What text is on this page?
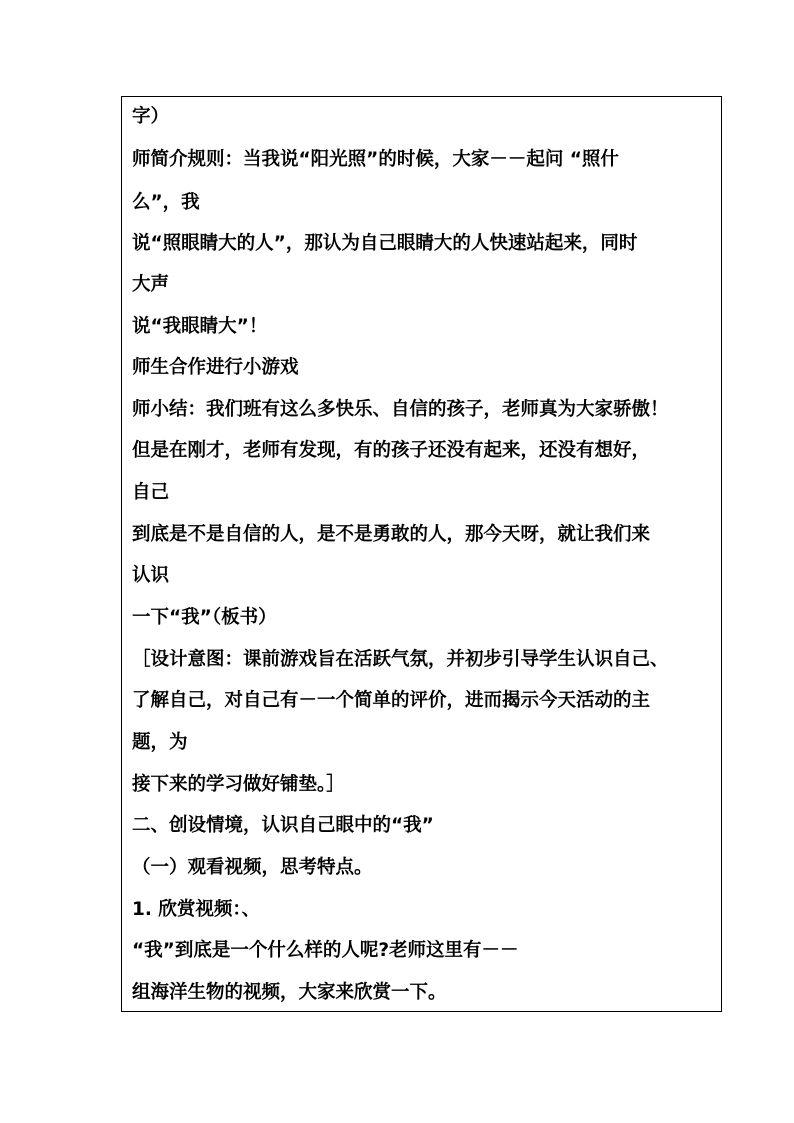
字）
师简介规则：当我说“阳光照”的时候，大家－－起问 “照什
么”，我
说“照眼睛大的人”，那认为自己眼睛大的人快速站起来，同时
大声
说“我眼睛大”！
师生合作进行小游戏
师小结：我们班有这么多快乐、自信的孩子，老师真为大家骄傲！
但是在刚才，老师有发现，有的孩子还没有起来，还没有想好，
自己
到底是不是自信的人，是不是勇敢的人，那今天呀，就让我们来
认识
一下“我”（板书）
［设计意图：课前游戏旨在活跃气氛，并初步引导学生认识自己、
了解自己，对自己有－一个简单的评价，进而揭示今天活动的主
题，为
接下来的学习做好铺垫。］
二、创设情境，认识自己眼中的“我”
（一）观看视频，思考特点。
1. 欣赏视频：、
“我”到底是一个什么样的人呢?老师这里有－－
组海洋生物的视频，大家来欣赏一下。
